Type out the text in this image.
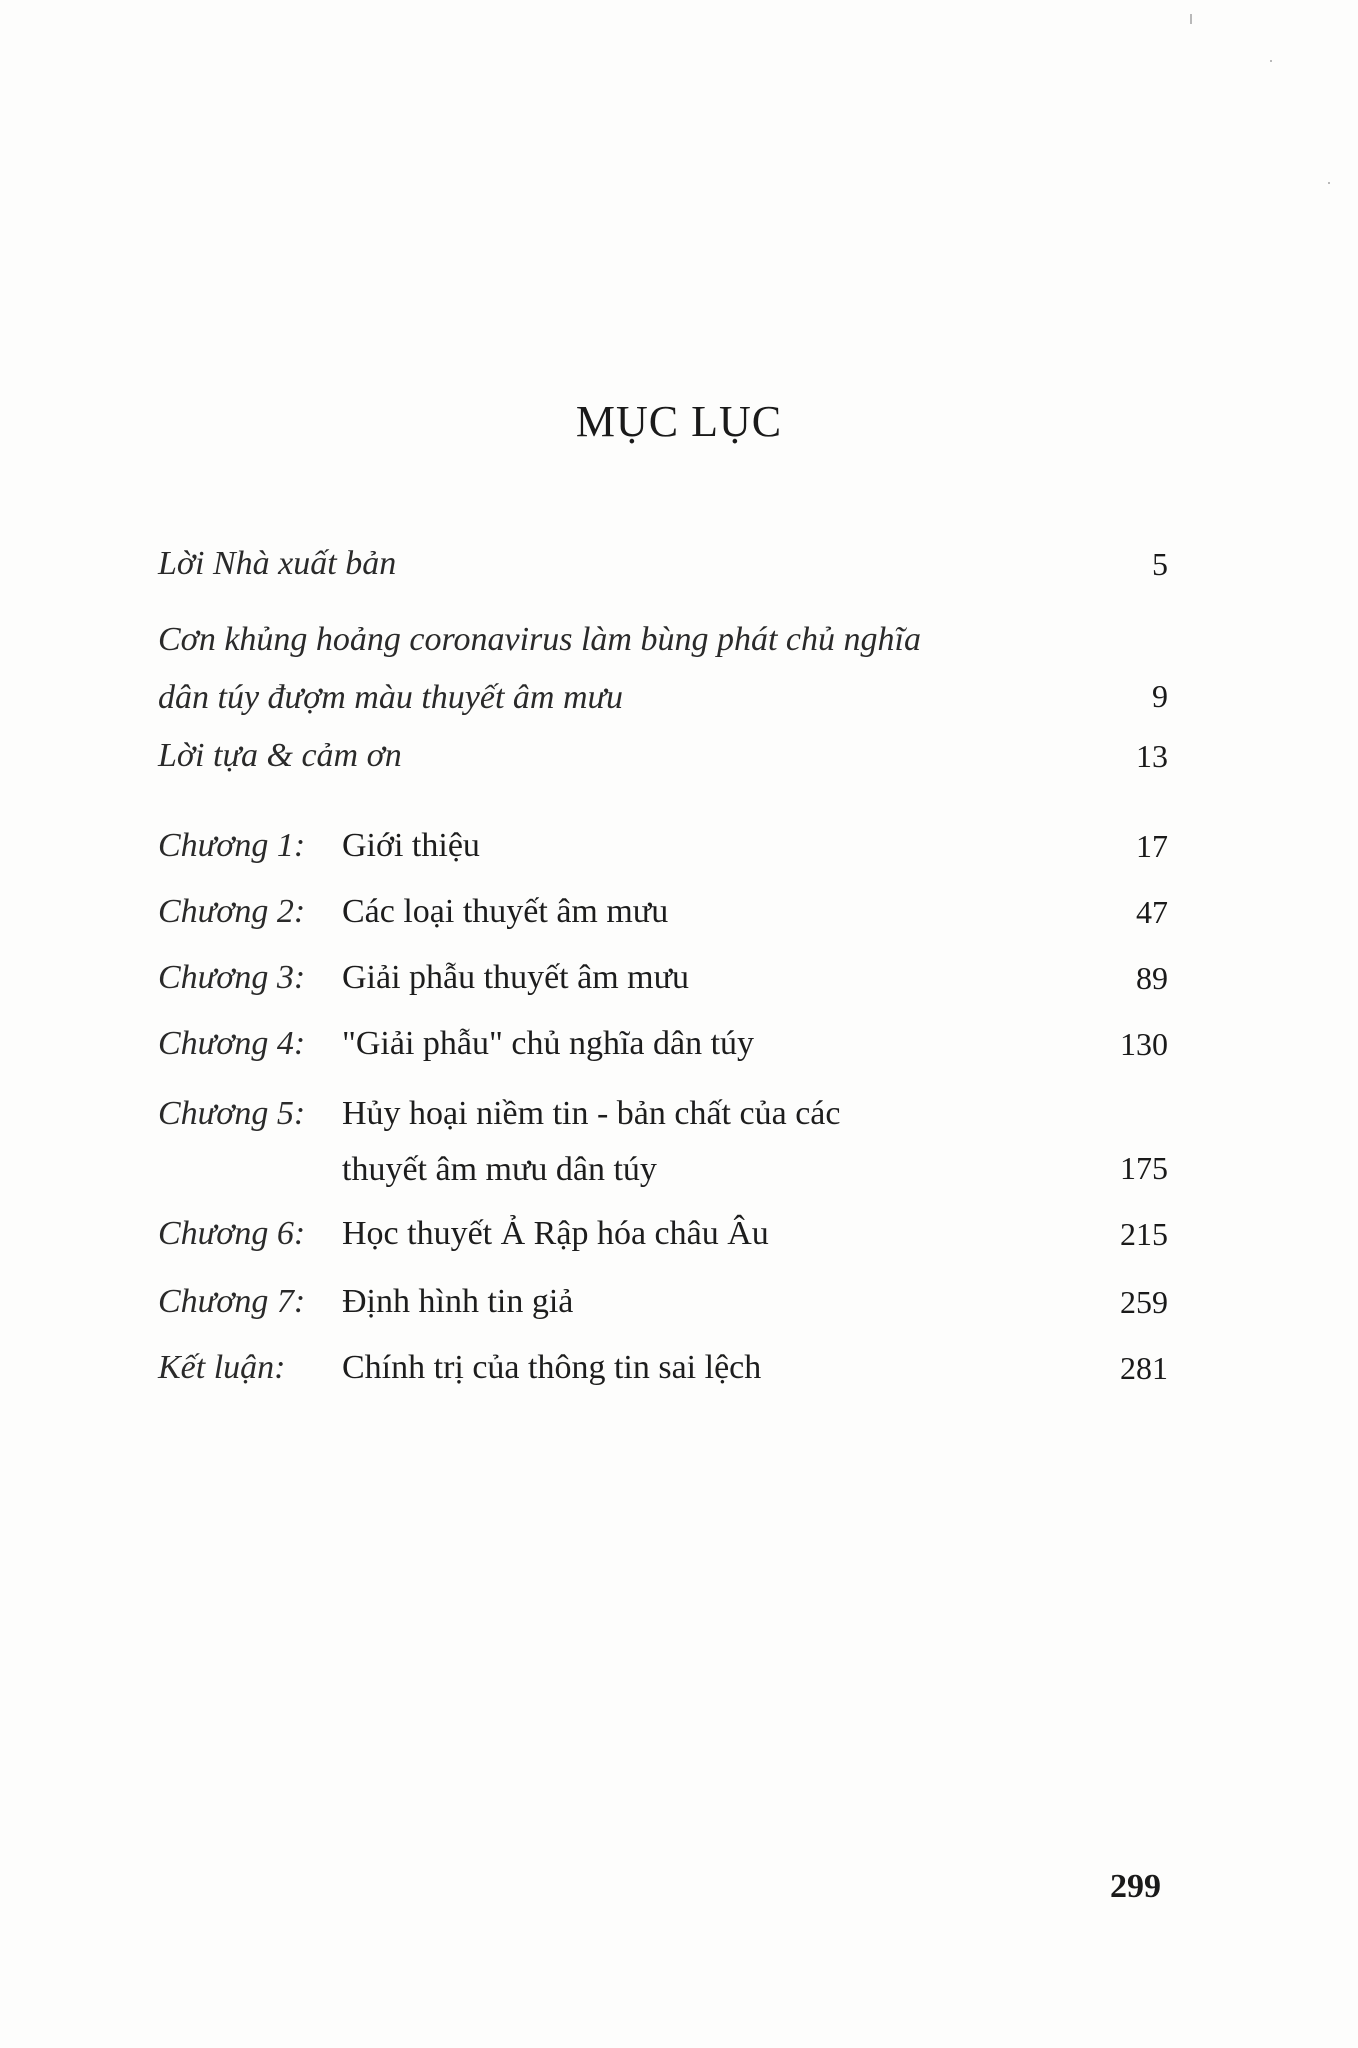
MỤC LỤC
Lời Nhà xuất bản	5
Cơn khủng hoảng coronavirus làm bùng phát chủ nghĩa
dân túy đượm màu thuyết âm mưu	9
Lời tựa & cảm ơn	13
Chương 1: Giới thiệu	17
Chương 2: Các loại thuyết âm mưu	47
Chương 3: Giải phẫu thuyết âm mưu	89
Chương 4: "Giải phẫu" chủ nghĩa dân túy	130
Chương 5: Hủy hoại niềm tin - bản chất của các
thuyết âm mưu dân túy	175
Chương 6: Học thuyết Ả Rập hóa châu Âu	215
Chương 7: Định hình tin giả	259
Kết luận: Chính trị của thông tin sai lệch	281
299
